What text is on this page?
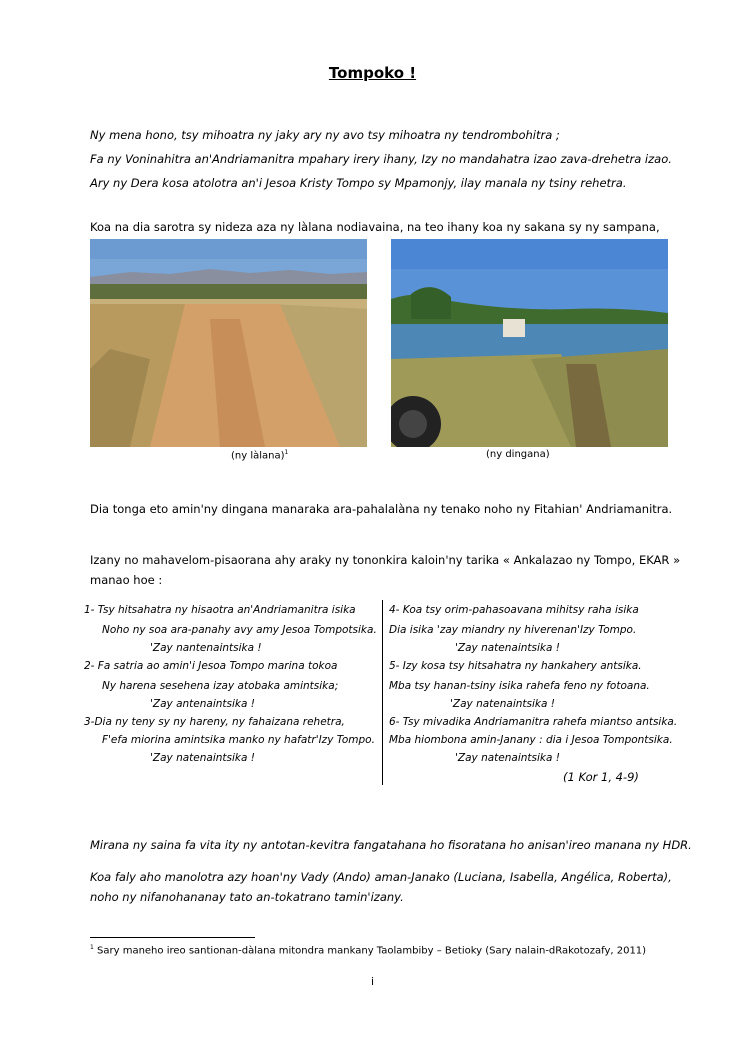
Tompoko !
Ny mena hono, tsy mihoatra ny jaky ary ny avo tsy mihoatra ny tendrombohitra ;
Fa ny Voninahitra an'Andriamanitra mpahary irery ihany, Izy no mandahatra izao zava-drehetra izao.
Ary ny Dera kosa atolotra an'i Jesoa Kristy Tompo sy Mpamonjy, ilay manala ny tsiny rehetra.
Koa na dia sarotra sy nideza aza ny làlana nodiavaina, na teo ihany koa ny sakana sy ny sampana,
(ny làlana)$^1$	(ny dingana)
Dia tonga eto amin'ny dingana manaraka ara-pahalalàna ny tenako noho ny Fitahian' Andriamanitra.
Izany no mahavelom-pisaorana ahy araky ny tononkira kaloin'ny tarika « Ankalazao ny Tompo, EKAR »
manao hoe :
1- Tsy hitsahatra ny hisaotra an'Andriamanitra isika
Noho ny soa ara-panahy avy amy Jesoa Tompotsika.
'Zay nantenaintsika !
2- Fa satria ao amin'i Jesoa Tompo marina tokoa
Ny harena sesehena izay atobaka amintsika;
'Zay antenaintsika !
3-Dia ny teny sy ny hareny, ny fahaizana rehetra,
F'efa miorina amintsika manko ny hafatr'Izy Tompo.
'Zay natenaintsika !
4- Koa tsy orim-pahasoavana mihitsy raha isika
Dia isika 'zay miandry ny hiverenan'Izy Tompo.
'Zay natenaintsika !
5- Izy kosa tsy hitsahatra ny hankahery antsika.
Mba tsy hanan-tsiny isika rahefa feno ny fotoana.
'Zay natenaintsika !
6- Tsy mivadika Andriamanitra rahefa miantso antsika.
Mba hiombona amin-Janany : dia i Jesoa Tompontsika.
'Zay natenaintsika !
(1 Kor 1, 4-9)
Mirana ny saina fa vita ity ny antotan-kevitra fangatahana ho fisoratana ho anisan'ireo manana ny HDR.
Koa faly aho manolotra azy hoan'ny Vady (Ando) aman-Janako (Luciana, Isabella, Angélica, Roberta),
noho ny nifanohananay tato an-tokatrano tamin'izany.
$^1$ Sary maneho ireo santionan-dàlana mitondra mankany Taolambiby – Betioky (Sary nalain-dRakotozafy, 2011)
i
